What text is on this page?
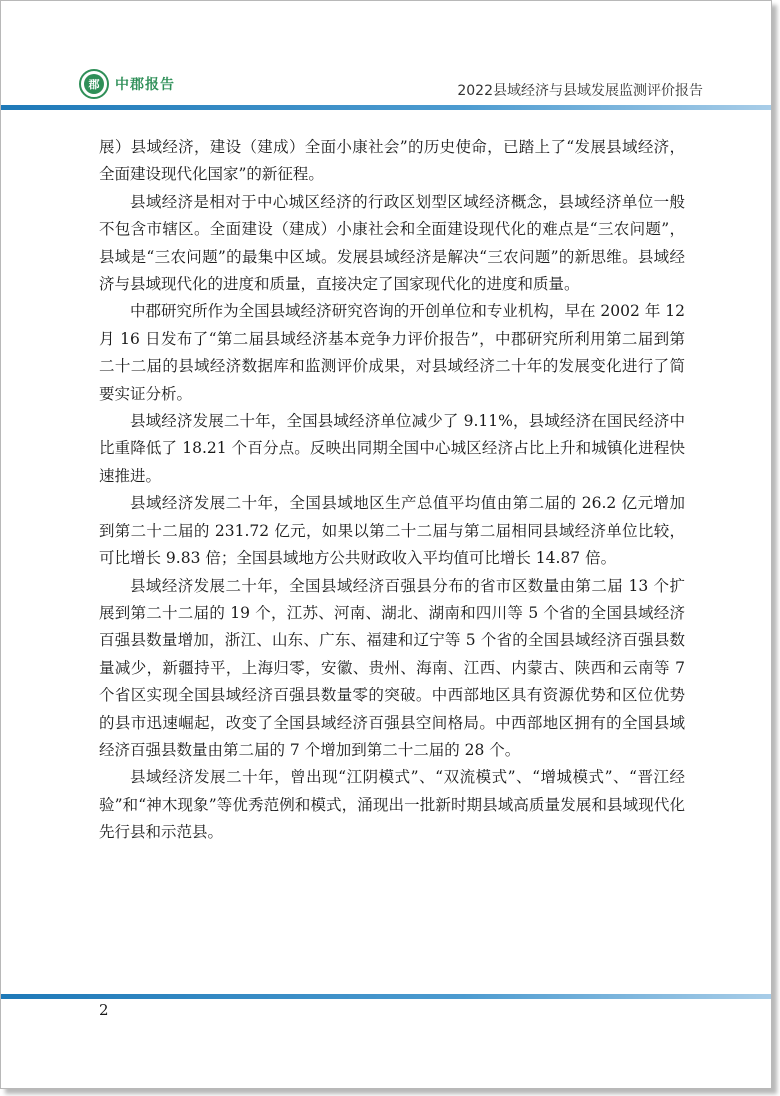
郡	中郡报告	2022县域经济与县域发展监测评价报告

展）县域经济，建设（建成）全面小康社会”的历史使命，已踏上了“发展县域经济，全面建设现代化国家”的新征程。

县域经济是相对于中心城区经济的行政区划型区域经济概念，县域经济单位一般不包含市辖区。全面建设（建成）小康社会和全面建设现代化的难点是“三农问题”，县域是“三农问题”的最集中区域。发展县域经济是解决“三农问题”的新思维。县域经济与县域现代化的进度和质量，直接决定了国家现代化的进度和质量。

中郡研究所作为全国县域经济研究咨询的开创单位和专业机构，早在 2002 年 12 月 16 日发布了“第二届县域经济基本竞争力评价报告”，中郡研究所利用第二届到第二十二届的县域经济数据库和监测评价成果，对县域经济二十年的发展变化进行了简要实证分析。

县域经济发展二十年，全国县域经济单位减少了 9.11%，县域经济在国民经济中比重降低了 18.21 个百分点。反映出同期全国中心城区经济占比上升和城镇化进程快速推进。

县域经济发展二十年，全国县域地区生产总值平均值由第二届的 26.2 亿元增加到第二十二届的 231.72 亿元，如果以第二十二届与第二届相同县域经济单位比较，可比增长 9.83 倍；全国县域地方公共财政收入平均值可比增长 14.87 倍。

县域经济发展二十年，全国县域经济百强县分布的省市区数量由第二届 13 个扩展到第二十二届的 19 个，江苏、河南、湖北、湖南和四川等 5 个省的全国县域经济百强县数量增加，浙江、山东、广东、福建和辽宁等 5 个省的全国县域经济百强县数量减少，新疆持平，上海归零，安徽、贵州、海南、江西、内蒙古、陕西和云南等 7 个省区实现全国县域经济百强县数量零的突破。中西部地区具有资源优势和区位优势的县市迅速崛起，改变了全国县域经济百强县空间格局。中西部地区拥有的全国县域经济百强县数量由第二届的 7 个增加到第二十二届的 28 个。

县域经济发展二十年，曾出现“江阴模式”、“双流模式”、“增城模式”、“晋江经验”和“神木现象”等优秀范例和模式，涌现出一批新时期县域高质量发展和县域现代化先行县和示范县。

2
